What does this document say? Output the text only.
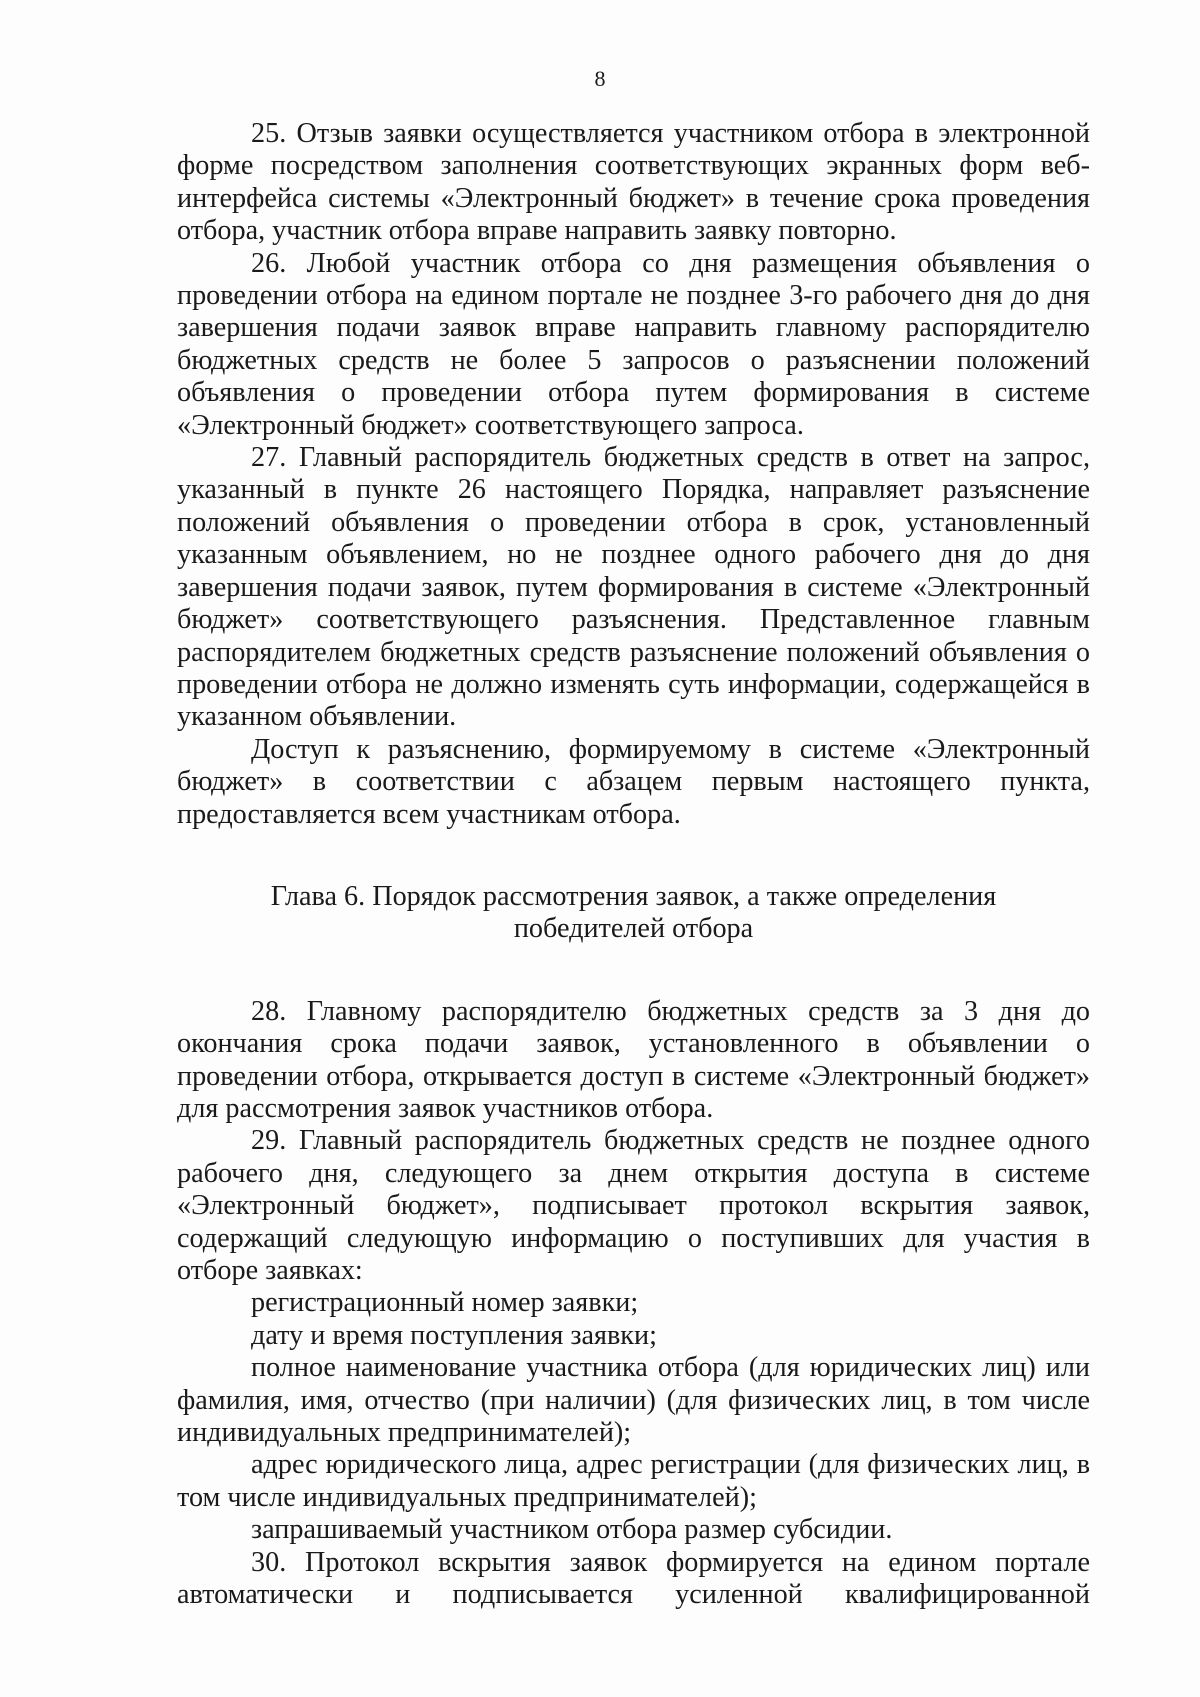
8

25. Отзыв заявки осуществляется участником отбора в электронной форме посредством заполнения соответствующих экранных форм веб-интерфейса системы «Электронный бюджет» в течение срока проведения отбора, участник отбора вправе направить заявку повторно.

26. Любой участник отбора со дня размещения объявления о проведении отбора на едином портале не позднее 3-го рабочего дня до дня завершения подачи заявок вправе направить главному распорядителю бюджетных средств не более 5 запросов о разъяснении положений объявления о проведении отбора путем формирования в системе «Электронный бюджет» соответствующего запроса.

27. Главный распорядитель бюджетных средств в ответ на запрос, указанный в пункте 26 настоящего Порядка, направляет разъяснение положений объявления о проведении отбора в срок, установленный указанным объявлением, но не позднее одного рабочего дня до дня завершения подачи заявок, путем формирования в системе «Электронный бюджет» соответствующего разъяснения. Представленное главным распорядителем бюджетных средств разъяснение положений объявления о проведении отбора не должно изменять суть информации, содержащейся в указанном объявлении.

Доступ к разъяснению, формируемому в системе «Электронный бюджет» в соответствии с абзацем первым настоящего пункта, предоставляется всем участникам отбора.

Глава 6. Порядок рассмотрения заявок, а также определения
победителей отбора

28. Главному распорядителю бюджетных средств за 3 дня до окончания срока подачи заявок, установленного в объявлении о проведении отбора, открывается доступ в системе «Электронный бюджет» для рассмотрения заявок участников отбора.

29. Главный распорядитель бюджетных средств не позднее одного рабочего дня, следующего за днем открытия доступа в системе «Электронный бюджет», подписывает протокол вскрытия заявок, содержащий следующую информацию о поступивших для участия в отборе заявках:

регистрационный номер заявки;

дату и время поступления заявки;

полное наименование участника отбора (для юридических лиц) или фамилия, имя, отчество (при наличии) (для физических лиц, в том числе индивидуальных предпринимателей);

адрес юридического лица, адрес регистрации (для физических лиц, в том числе индивидуальных предпринимателей);

запрашиваемый участником отбора размер субсидии.

30. Протокол вскрытия заявок формируется на едином портале автоматически и подписывается усиленной квалифицированной
